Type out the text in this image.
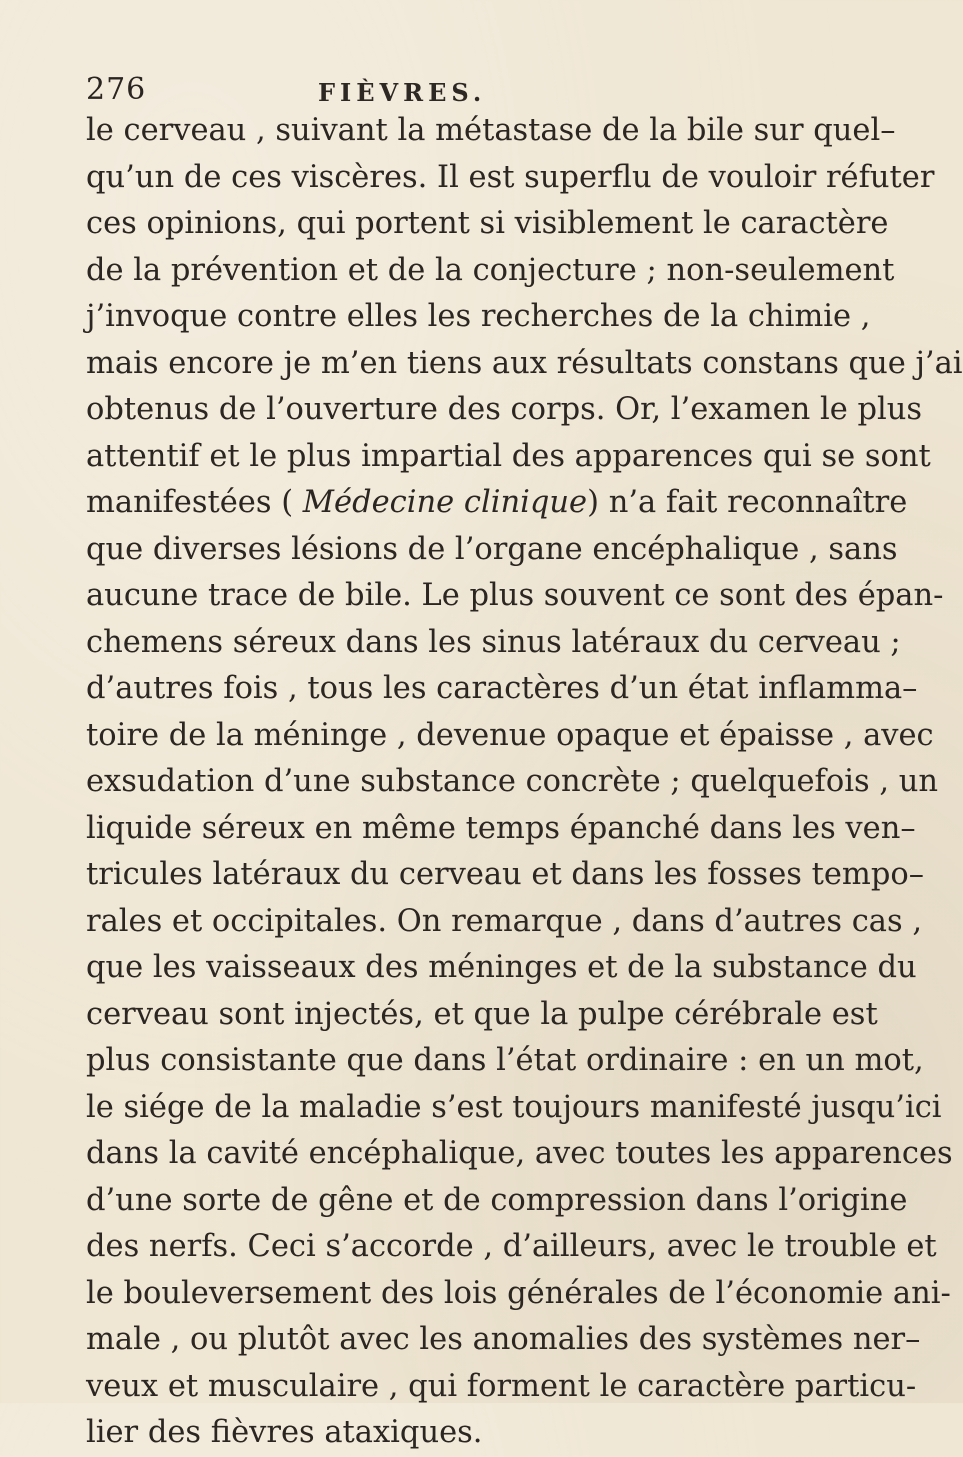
276	FIÈVRES.
le cerveau , suivant la métastase de la bile sur quel–
qu’un de ces viscères. Il est superflu de vouloir réfuter
ces opinions, qui portent si visiblement le caractère
de la prévention et de la conjecture ; non-seulement
j’invoque contre elles les recherches de la chimie ,
mais encore je m’en tiens aux résultats constans que j’ai
obtenus de l’ouverture des corps. Or, l’examen le plus
attentif et le plus impartial des apparences qui se sont
manifestées ( Médecine clinique) n’a fait reconnaître
que diverses lésions de l’organe encéphalique , sans
aucune trace de bile. Le plus souvent ce sont des épan-
chemens séreux dans les sinus latéraux du cerveau ;
d’autres fois , tous les caractères d’un état inflamma–
toire de la méninge , devenue opaque et épaisse , avec
exsudation d’une substance concrète ; quelquefois , un
liquide séreux en même temps épanché dans les ven–
tricules latéraux du cerveau et dans les fosses tempo–
rales et occipitales. On remarque , dans d’autres cas ,
que les vaisseaux des méninges et de la substance du
cerveau sont injectés, et que la pulpe cérébrale est
plus consistante que dans l’état ordinaire : en un mot,
le siége de la maladie s’est toujours manifesté jusqu’ici
dans la cavité encéphalique, avec toutes les apparences
d’une sorte de gêne et de compression dans l’origine
des nerfs. Ceci s’accorde , d’ailleurs, avec le trouble et
le bouleversement des lois générales de l’économie ani-
male , ou plutôt avec les anomalies des systèmes ner–
veux et musculaire , qui forment le caractère particu-
lier des fièvres ataxiques.
